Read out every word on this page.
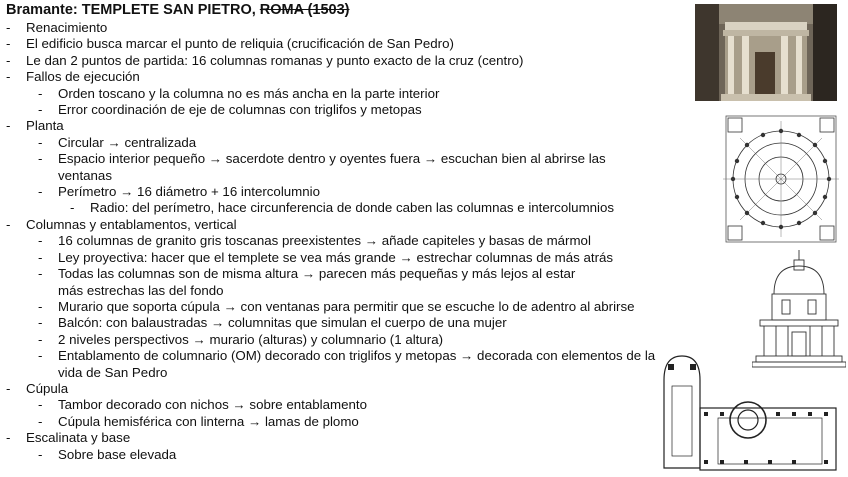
Bramante: TEMPLETE SAN PIETRO, ROMA (1503)
- Renacimiento
- El edificio busca marcar el punto de reliquia (crucificación de San Pedro)
- Le dan 2 puntos de partida: 16 columnas romanas y punto exacto de la cruz (centro)
- Fallos de ejecución
- Orden toscano y la columna no es más ancha en la parte interior
- Error coordinación de eje de columnas con triglifos y metopas
- Planta
- Circular → centralizada
- Espacio interior pequeño → sacerdote dentro y oyentes fuera → escuchan bien al abrirse las ventanas
- Perímetro → 16 diámetro + 16 intercolumnio
- Radio: del perímetro, hace circunferencia de donde caben las columnas e intercolumnios
- Columnas y entablamentos, vertical
- 16 columnas de granito gris toscanas preexistentes → añade capiteles y basas de mármol
- Ley proyectiva: hacer que el templete se vea más grande → estrechar columnas de más atrás
- Todas las columnas son de misma altura → parecen más pequeñas y más lejos al estar más estrechas las del fondo
- Murario que soporta cúpula → con ventanas para permitir que se escuche lo de adentro al abrirse
- Balcón: con balaustradas → columnitas que simulan el cuerpo de una mujer
- 2 niveles perspectivos → murario (alturas) y columnario (1 altura)
- Entablamento de columnario (OM) decorado con triglifos y metopas → decorada con elementos de la vida de San Pedro
- Cúpula
- Tambor decorado con nichos → sobre entablamento
- Cúpula hemisférica con linterna → lamas de plomo
- Escalinata y base
- Sobre base elevada
